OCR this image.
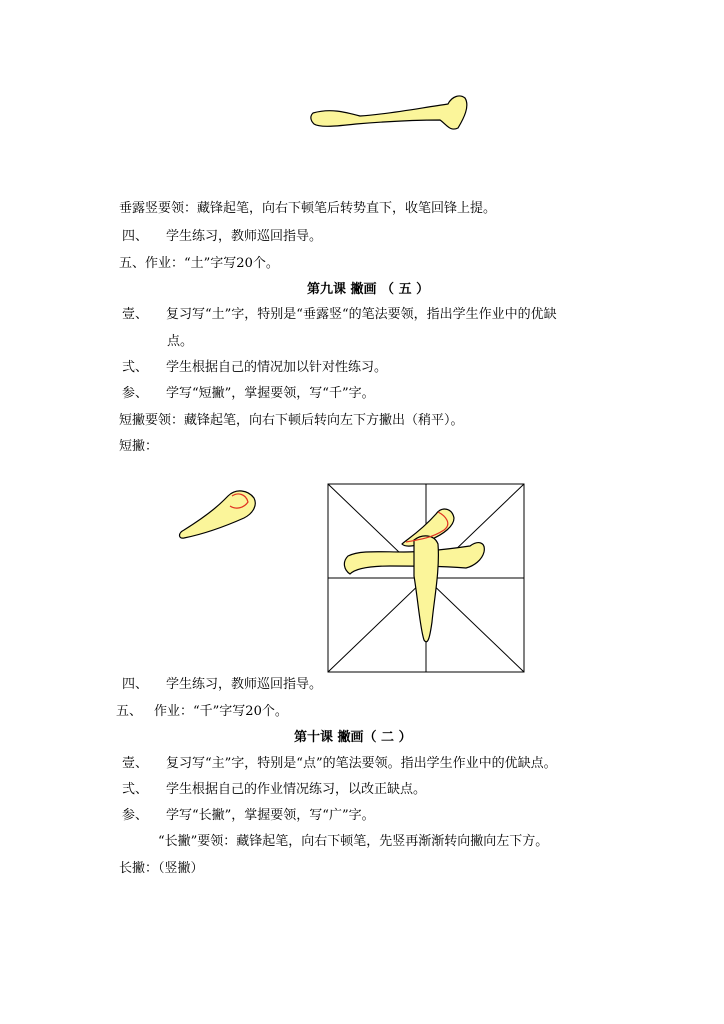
垂露竖要领：藏锋起笔，向右下顿笔后转势直下，收笔回锋上提。
四、 学生练习，教师巡回指导。
五、作业：“土”字写20个。
第九课 撇画 （ 五 ）
壹、 复习写“土”字，特别是“垂露竖“的笔法要领，指出学生作业中的优缺
点。
弍、 学生根据自己的情况加以针对性练习。
参、 学写“短撇”，掌握要领，写“千”字。
短撇要领：藏锋起笔，向右下顿后转向左下方撇出（稍平）。
短撇：
四、 学生练习，教师巡回指导。
五、 作业：“千”字写20个。
第十课 撇画（ 二 ）
壹、 复习写“主”字，特别是“点”的笔法要领。指出学生作业中的优缺点。
弍、 学生根据自己的作业情况练习，以改正缺点。
参、 学写“长撇”，掌握要领，写“广”字。
“长撇”要领：藏锋起笔，向右下顿笔，先竖再渐渐转向撇向左下方。
长撇：（竖撇）
